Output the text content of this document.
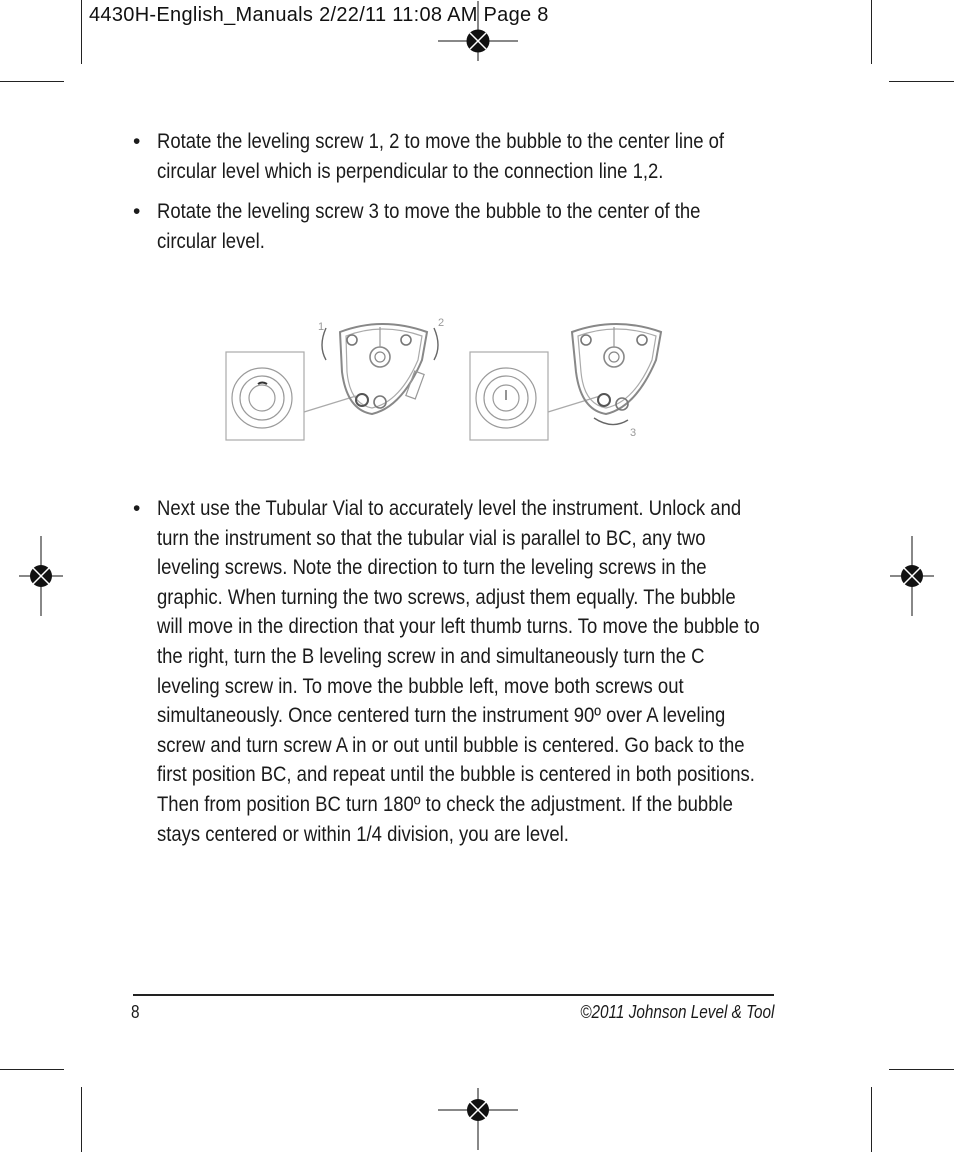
4430H-English_Manuals 2/22/11 11:08 AM Page 8
• Rotate the leveling screw 1, 2 to move the bubble to the center line of circular level which is perpendicular to the connection line 1,2.
• Rotate the leveling screw 3 to move the bubble to the center of the circular level.
1	2
3
• Next use the Tubular Vial to accurately level the instrument. Unlock and turn the instrument so that the tubular vial is parallel to BC, any two leveling screws. Note the direction to turn the leveling screws in the graphic. When turning the two screws, adjust them equally. The bubble will move in the direction that your left thumb turns. To move the bubble to the right, turn the B leveling screw in and simultaneously turn the C leveling screw in. To move the bubble left, move both screws out simultaneously. Once centered turn the instrument 90º over A leveling screw and turn screw A in or out until bubble is centered. Go back to the first position BC, and repeat until the bubble is centered in both positions. Then from position BC turn 180º to check the adjustment. If the bubble stays centered or within 1/4 division, you are level.
8	©2011 Johnson Level & Tool
